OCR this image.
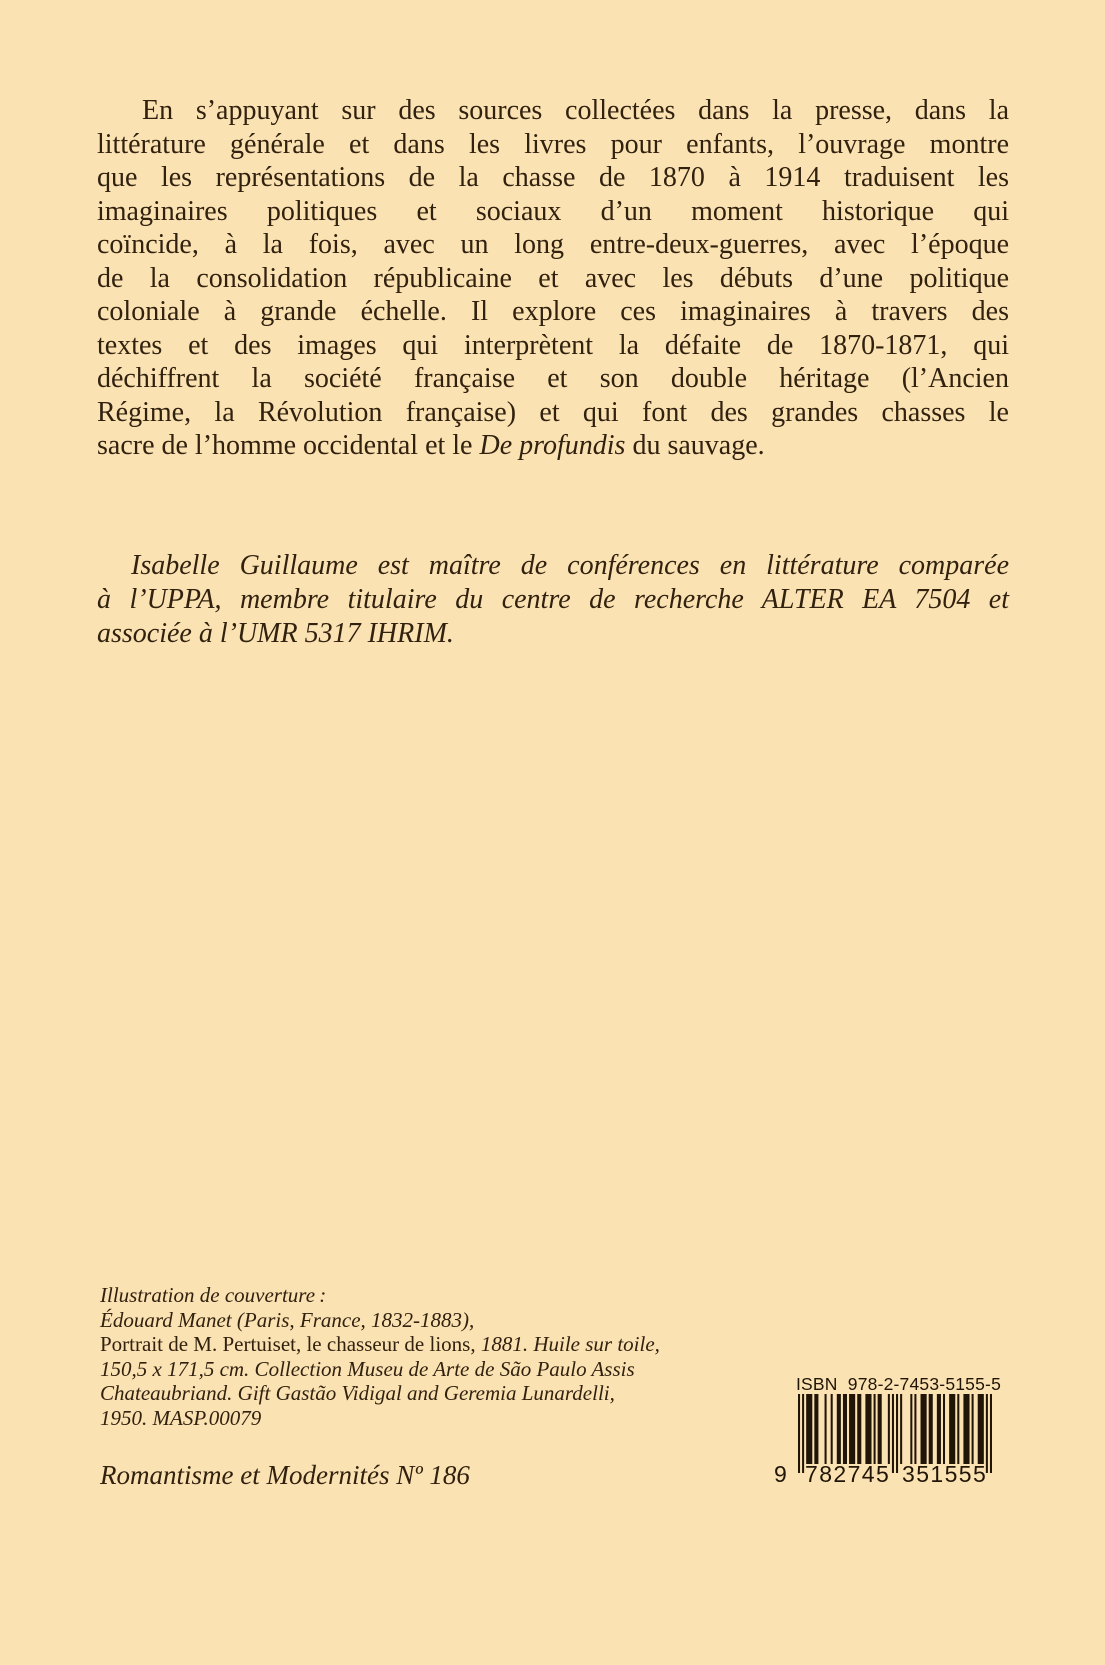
En s’appuyant sur des sources collectées dans la presse, dans la
littérature générale et dans les livres pour enfants, l’ouvrage montre
que les représentations de la chasse de 1870 à 1914 traduisent les
imaginaires politiques et sociaux d’un moment historique qui
coïncide, à la fois, avec un long entre-deux-guerres, avec l’époque
de la consolidation républicaine et avec les débuts d’une politique
coloniale à grande échelle. Il explore ces imaginaires à travers des
textes et des images qui interprètent la défaite de 1870-1871, qui
déchiffrent la société française et son double héritage (l’Ancien
Régime, la Révolution française) et qui font des grandes chasses le
sacre de l’homme occidental et le De profundis du sauvage.
Isabelle Guillaume est maître de conférences en littérature comparée
à l’UPPA, membre titulaire du centre de recherche ALTER EA 7504 et
associée à l’UMR 5317 IHRIM.
Illustration de couverture :
Édouard Manet (Paris, France, 1832-1883),
Portrait de M. Pertuiset, le chasseur de lions, 1881. Huile sur toile,
150,5 x 171,5 cm. Collection Museu de Arte de São Paulo Assis
Chateaubriand. Gift Gastão Vidigal and Geremia Lunardelli,
1950. MASP.00079
Romantisme et Modernités Nº 186
ISBN  978-2-7453-5155-5
9 782745 351555
